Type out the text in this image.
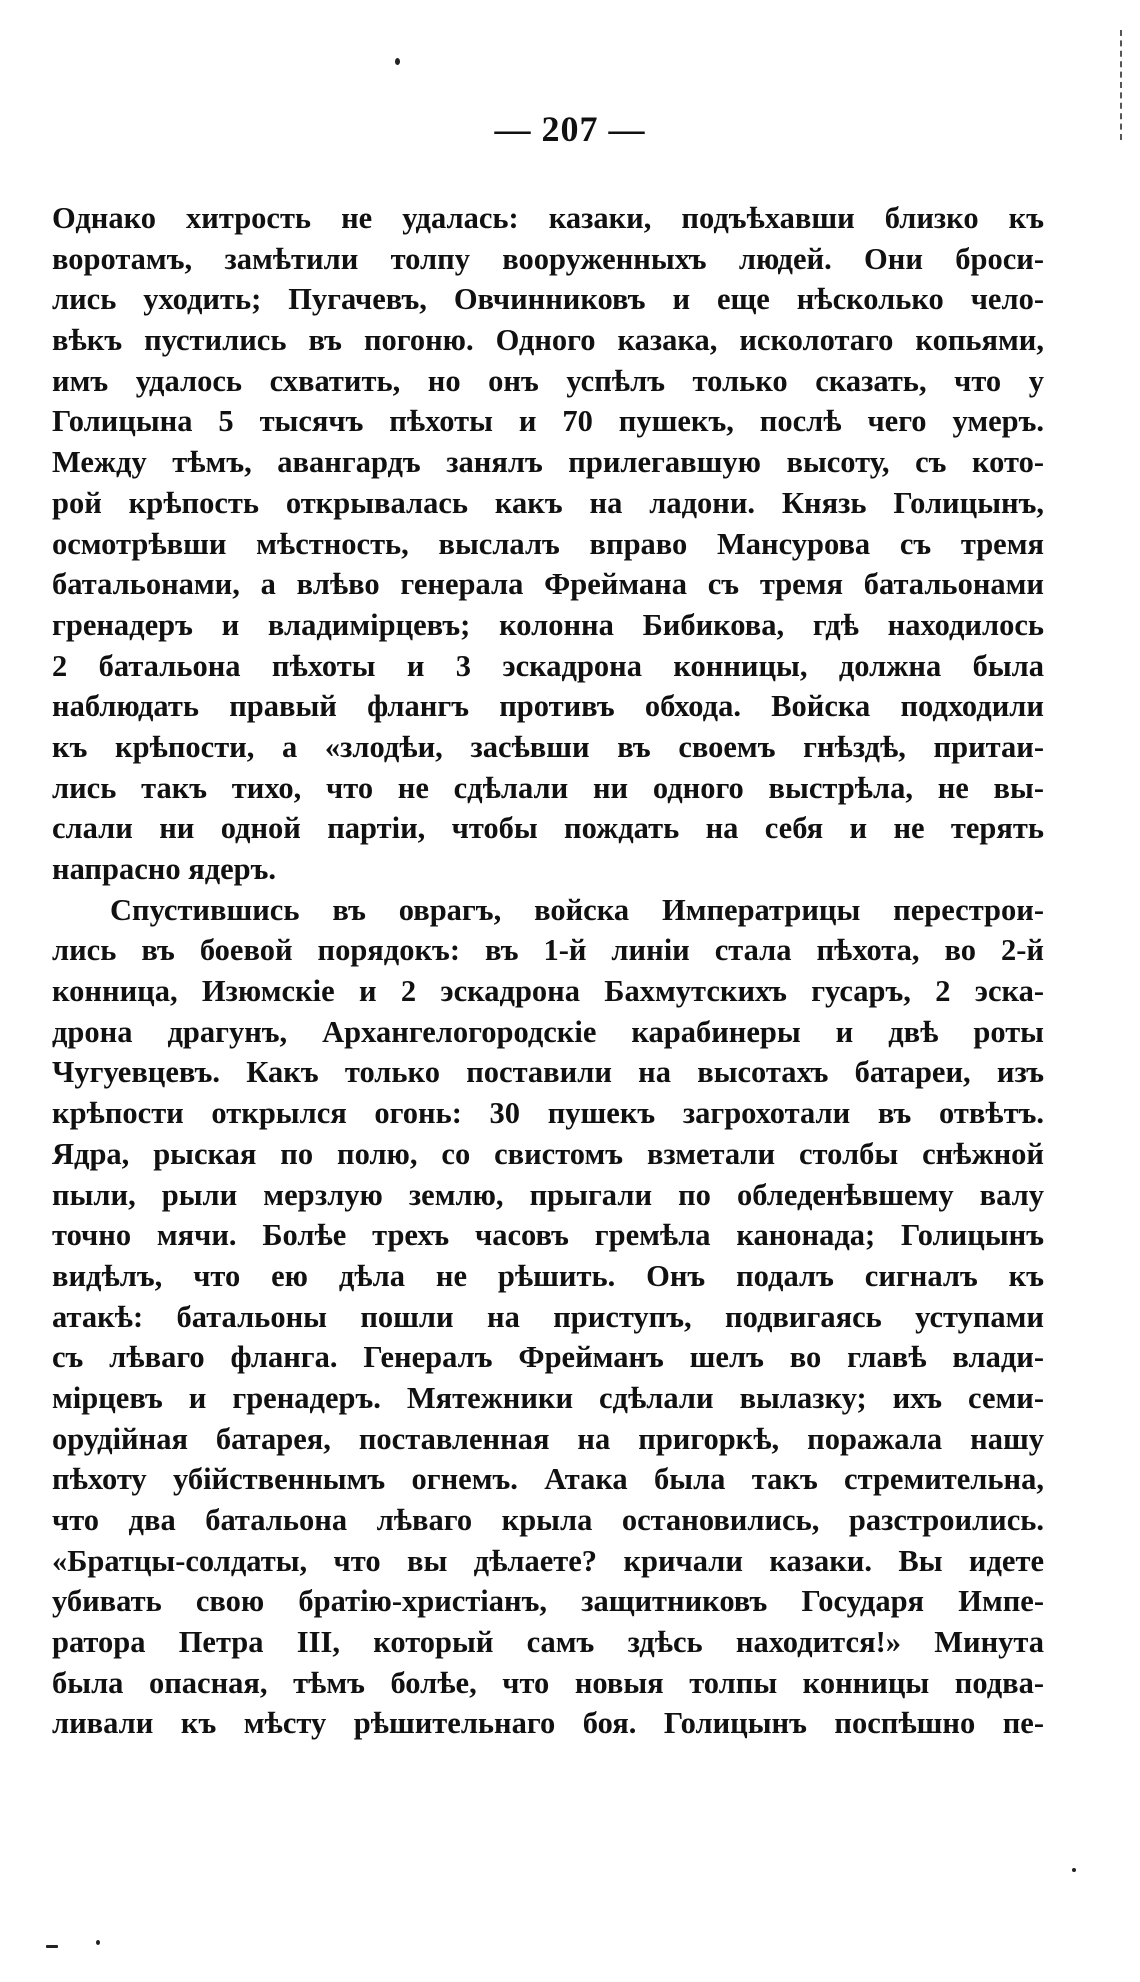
— 207 —
Однако хитрость не удалась: казаки, подъѣхавши близко къ
воротамъ, замѣтили толпу вооруженныхъ людей. Они броси-
лись уходить; Пугачевъ, Овчинниковъ и еще нѣсколько чело-
вѣкъ пустились въ погоню. Одного казака, исколотаго копьями,
имъ удалось схватить, но онъ успѣлъ только сказать, что у
Голицына 5 тысячъ пѣхоты и 70 пушекъ, послѣ чего умеръ.
Между тѣмъ, авангардъ занялъ прилегавшую высоту, съ кото-
рой крѣпость открывалась какъ на ладони. Князь Голицынъ,
осмотрѣвши мѣстность, выслалъ вправо Мансурова съ тремя
батальонами, а влѣво генерала Фреймана съ тремя батальонами
гренадеръ и владимірцевъ; колонна Бибикова, гдѣ находилось
2 батальона пѣхоты и 3 эскадрона конницы, должна была
наблюдать правый флангъ противъ обхода. Войска подходили
къ крѣпости, а «злодѣи, засѣвши въ своемъ гнѣздѣ, притаи-
лись такъ тихо, что не сдѣлали ни одного выстрѣла, не вы-
слали ни одной партіи, чтобы пождать на себя и не терять
напрасно ядеръ.
Спустившись въ оврагъ, войска Императрицы перестрои-
лись въ боевой порядокъ: въ 1-й линіи стала пѣхота, во 2-й
конница, Изюмскіе и 2 эскадрона Бахмутскихъ гусаръ, 2 эска-
дрона драгунъ, Архангелогородскіе карабинеры и двѣ роты
Чугуевцевъ. Какъ только поставили на высотахъ батареи, изъ
крѣпости открылся огонь: 30 пушекъ загрохотали въ отвѣтъ.
Ядра, рыская по полю, со свистомъ взметали столбы снѣжной
пыли, рыли мерзлую землю, прыгали по обледенѣвшему валу
точно мячи. Болѣе трехъ часовъ гремѣла канонада; Голицынъ
видѣлъ, что ею дѣла не рѣшить. Онъ подалъ сигналъ къ
атакѣ: батальоны пошли на приступъ, подвигаясь уступами
съ лѣваго фланга. Генералъ Фрейманъ шелъ во главѣ влади-
мірцевъ и гренадеръ. Мятежники сдѣлали вылазку; ихъ семи-
орудійная батарея, поставленная на пригоркѣ, поражала нашу
пѣхоту убійственнымъ огнемъ. Атака была такъ стремительна,
что два батальона лѣваго крыла остановились, разстроились.
«Братцы-солдаты, что вы дѣлаете? кричали казаки. Вы идете
убивать свою братію-христіанъ, защитниковъ Государя Импе-
ратора Петра III, который самъ здѣсь находится!» Минута
была опасная, тѣмъ болѣе, что новыя толпы конницы подва-
ливали къ мѣсту рѣшительнаго боя. Голицынъ поспѣшно пе-
